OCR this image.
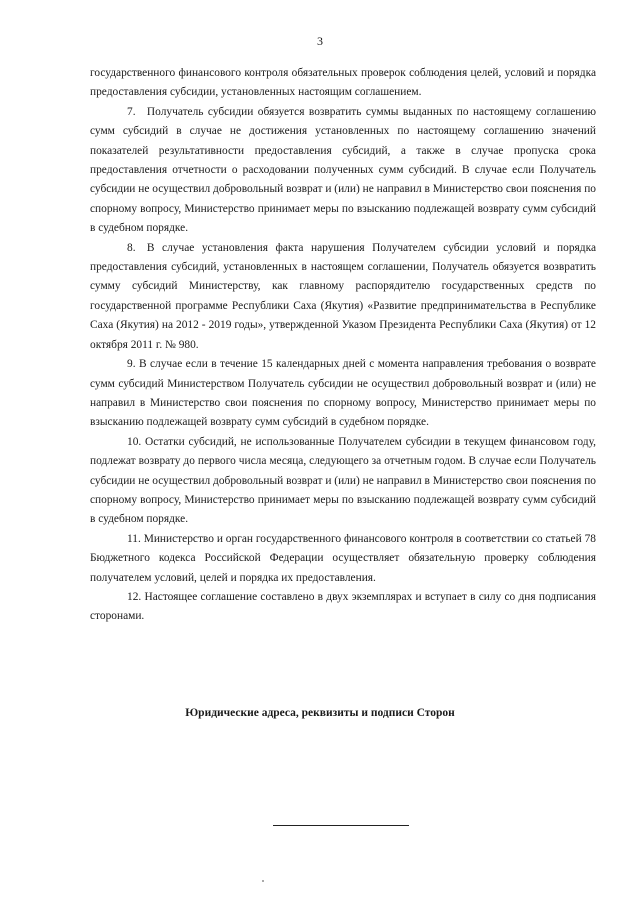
3

государственного финансового контроля обязательных проверок соблюдения целей, условий и порядка предоставления субсидии, установленных настоящим соглашением.

7. Получатель субсидии обязуется возвратить суммы выданных по настоящему соглашению сумм субсидий в случае не достижения установленных по настоящему соглашению значений показателей результативности предоставления субсидий, а также в случае пропуска срока предоставления отчетности о расходовании полученных сумм субсидий. В случае если Получатель субсидии не осуществил добровольный возврат и (или) не направил в Министерство свои пояснения по спорному вопросу, Министерство принимает меры по взысканию подлежащей возврату сумм субсидий в судебном порядке.

8. В случае установления факта нарушения Получателем субсидии условий и порядка предоставления субсидий, установленных в настоящем соглашении, Получатель обязуется возвратить сумму субсидий Министерству, как главному распорядителю государственных средств по государственной программе Республики Саха (Якутия) «Развитие предпринимательства в Республике Саха (Якутия) на 2012 - 2019 годы», утвержденной Указом Президента Республики Саха (Якутия) от 12 октября 2011 г. № 980.

9. В случае если в течение 15 календарных дней с момента направления требования о возврате сумм субсидий Министерством Получатель субсидии не осуществил добровольный возврат и (или) не направил в Министерство свои пояснения по спорному вопросу, Министерство принимает меры по взысканию подлежащей возврату сумм субсидий в судебном порядке.

10. Остатки субсидий, не использованные Получателем субсидии в текущем финансовом году, подлежат возврату до первого числа месяца, следующего за отчетным годом. В случае если Получатель субсидии не осуществил добровольный возврат и (или) не направил в Министерство свои пояснения по спорному вопросу, Министерство принимает меры по взысканию подлежащей возврату сумм субсидий в судебном порядке.

11. Министерство и орган государственного финансового контроля в соответствии со статьей 78 Бюджетного кодекса Российской Федерации осуществляет обязательную проверку соблюдения получателем условий, целей и порядка их предоставления.

12. Настоящее соглашение составлено в двух экземплярах и вступает в силу со дня подписания сторонами.

Юридические адреса, реквизиты и подписи Сторон
